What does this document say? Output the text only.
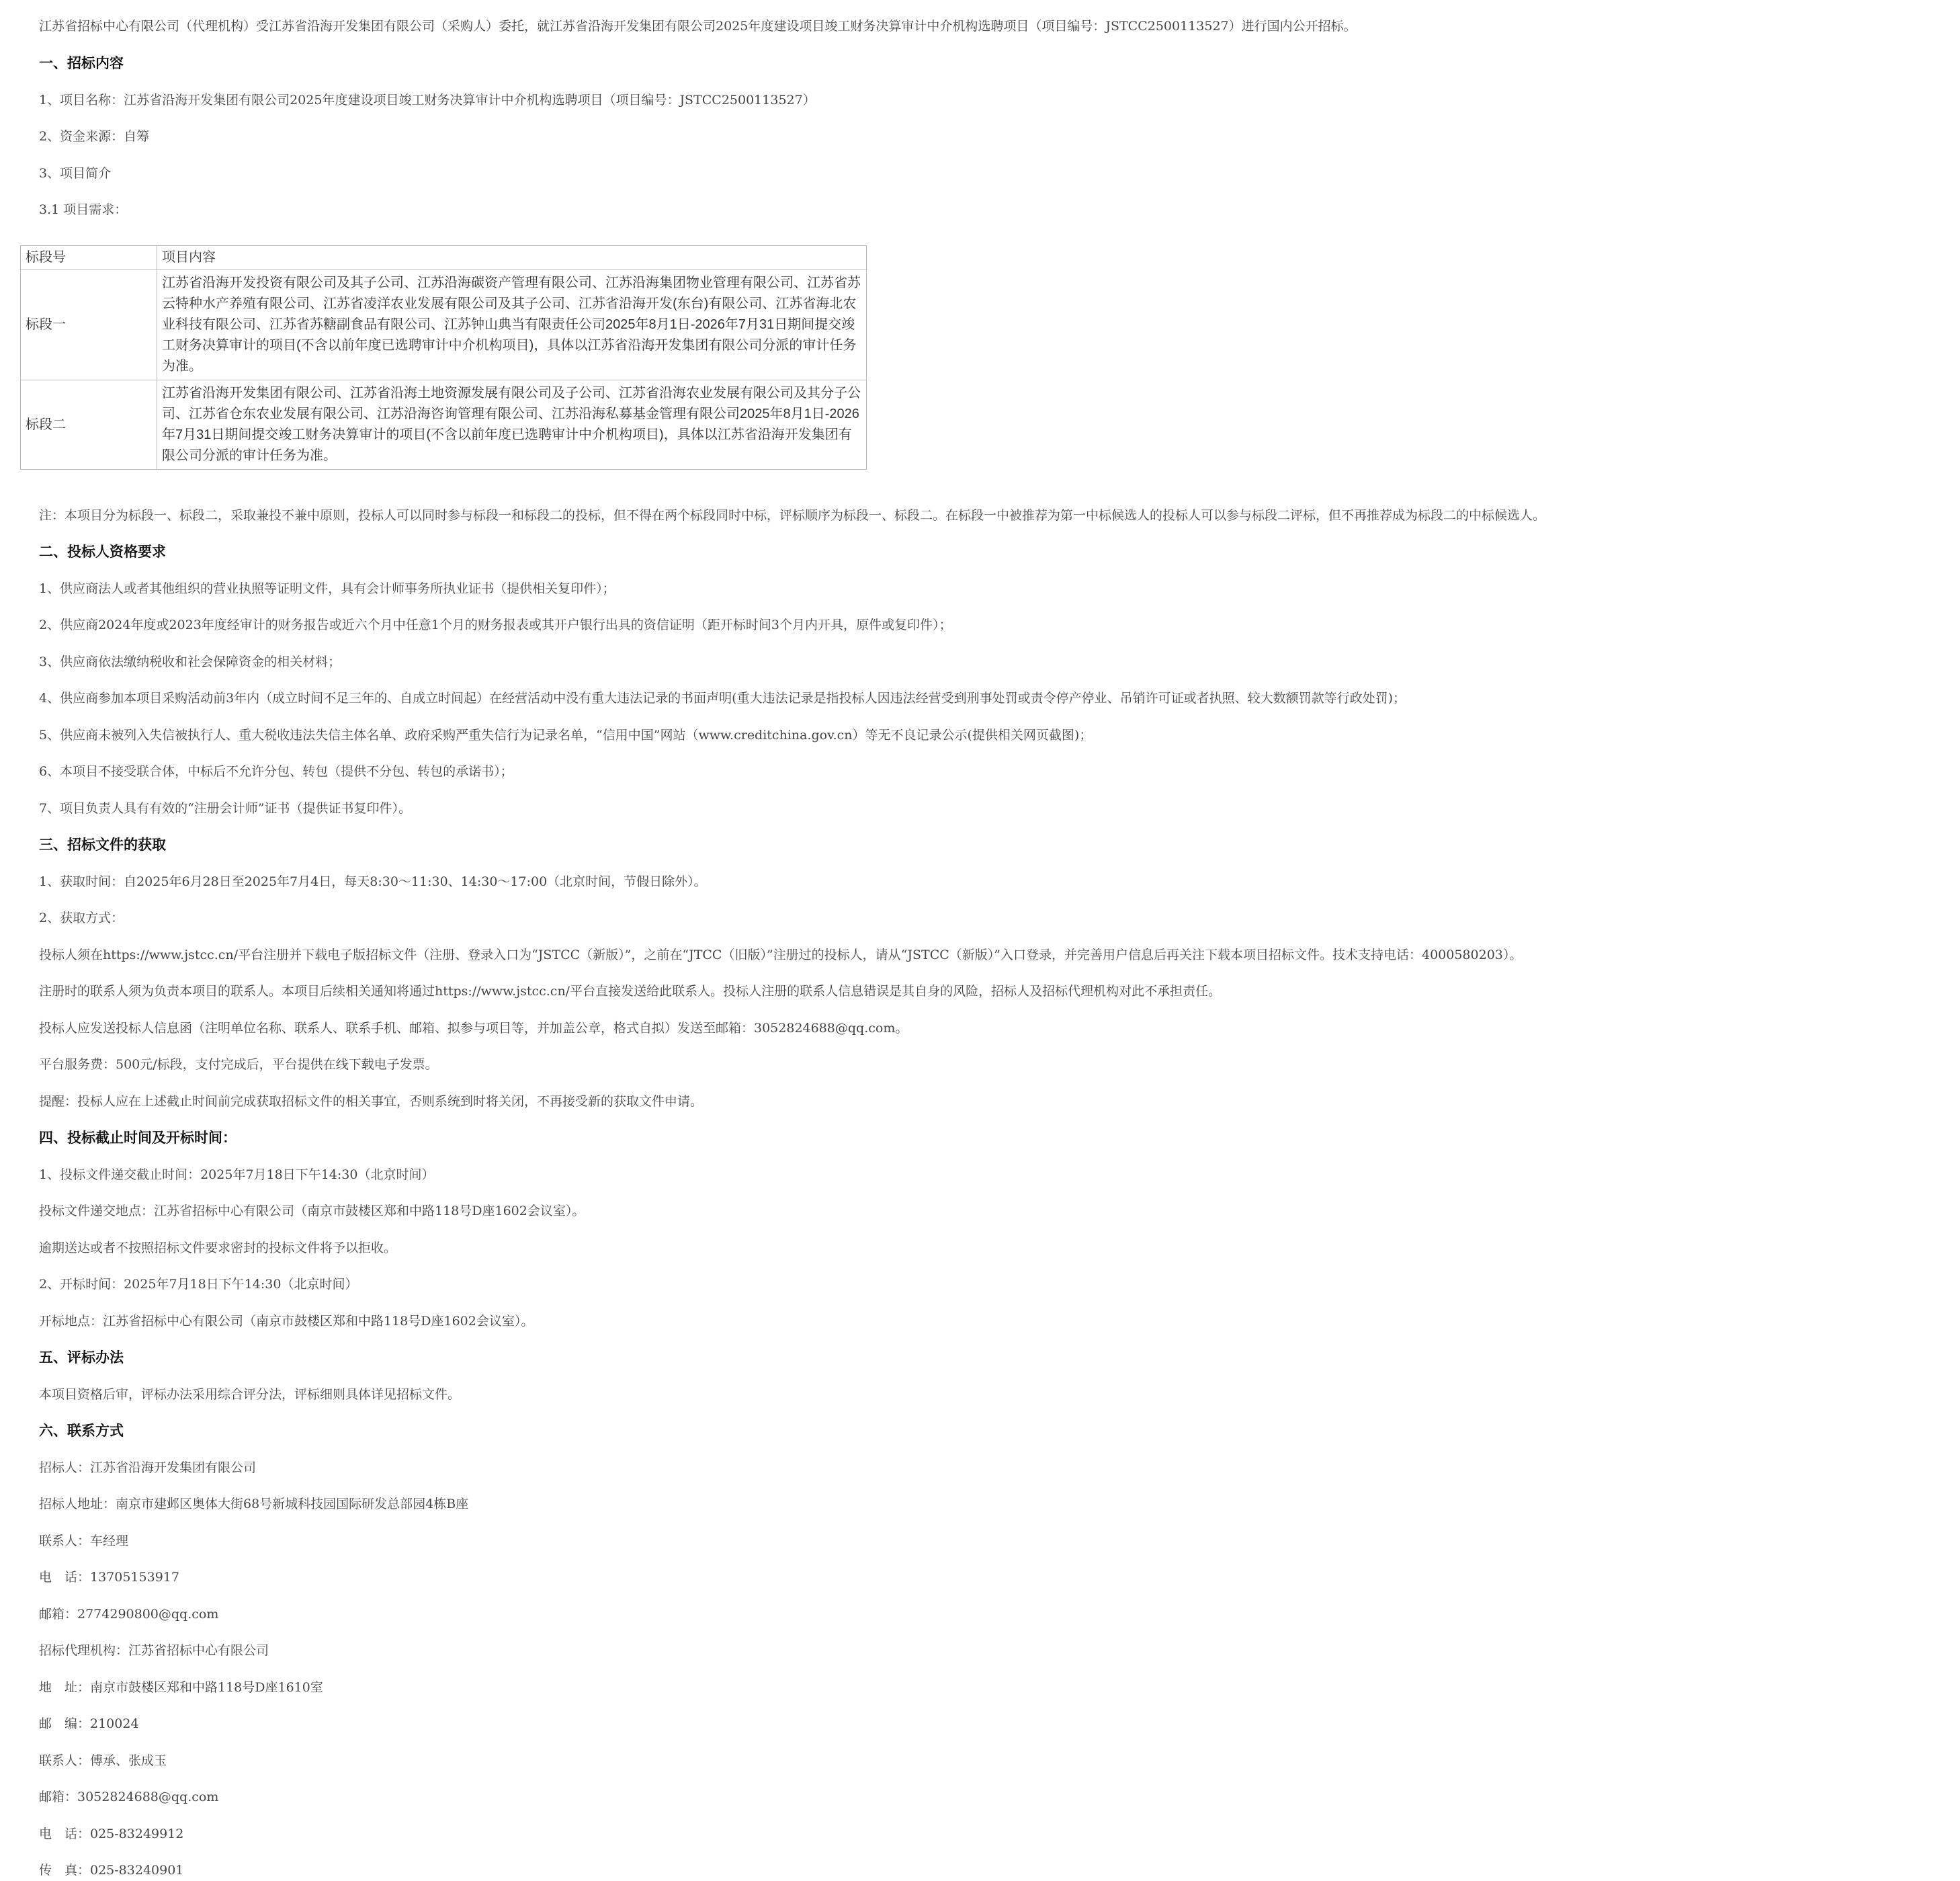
江苏省招标中心有限公司（代理机构）受江苏省沿海开发集团有限公司（采购人）委托，就江苏省沿海开发集团有限公司2025年度建设项目竣工财务决算审计中介机构选聘项目（项目编号：JSTCC2500113527）进行国内公开招标。
一、招标内容
1、项目名称：江苏省沿海开发集团有限公司2025年度建设项目竣工财务决算审计中介机构选聘项目（项目编号：JSTCC2500113527）
2、资金来源：自筹
3、项目简介
3.1 项目需求：
标段号	项目内容
标段一	江苏省沿海开发投资有限公司及其子公司、江苏沿海碳资产管理有限公司、江苏沿海集团物业管理有限公司、江苏省苏云特种水产养殖有限公司、江苏省凌洋农业发展有限公司及其子公司、江苏省沿海开发(东台)有限公司、江苏省海北农业科技有限公司、江苏省苏糖副食品有限公司、江苏钟山典当有限责任公司2025年8月1日-2026年7月31日期间提交竣工财务决算审计的项目(不含以前年度已选聘审计中介机构项目)，具体以江苏省沿海开发集团有限公司分派的审计任务为准。
标段二	江苏省沿海开发集团有限公司、江苏省沿海土地资源发展有限公司及子公司、江苏省沿海农业发展有限公司及其分子公司、江苏省仓东农业发展有限公司、江苏沿海咨询管理有限公司、江苏沿海私募基金管理有限公司2025年8月1日-2026年7月31日期间提交竣工财务决算审计的项目(不含以前年度已选聘审计中介机构项目)，具体以江苏省沿海开发集团有限公司分派的审计任务为准。
注：本项目分为标段一、标段二，采取兼投不兼中原则，投标人可以同时参与标段一和标段二的投标，但不得在两个标段同时中标，评标顺序为标段一、标段二。在标段一中被推荐为第一中标候选人的投标人可以参与标段二评标，但不再推荐成为标段二的中标候选人。
二、投标人资格要求
1、供应商法人或者其他组织的营业执照等证明文件，具有会计师事务所执业证书（提供相关复印件）；
2、供应商2024年度或2023年度经审计的财务报告或近六个月中任意1个月的财务报表或其开户银行出具的资信证明（距开标时间3个月内开具，原件或复印件）；
3、供应商依法缴纳税收和社会保障资金的相关材料；
4、供应商参加本项目采购活动前3年内（成立时间不足三年的、自成立时间起）在经营活动中没有重大违法记录的书面声明(重大违法记录是指投标人因违法经营受到刑事处罚或责令停产停业、吊销许可证或者执照、较大数额罚款等行政处罚)；
5、供应商未被列入失信被执行人、重大税收违法失信主体名单、政府采购严重失信行为记录名单，“信用中国”网站（www.creditchina.gov.cn）等无不良记录公示(提供相关网页截图)；
6、本项目不接受联合体，中标后不允许分包、转包（提供不分包、转包的承诺书）；
7、项目负责人具有有效的“注册会计师”证书（提供证书复印件）。
三、招标文件的获取
1、获取时间：自2025年6月28日至2025年7月4日，每天8:30～11:30、14:30～17:00（北京时间，节假日除外）。
2、获取方式：
投标人须在https://www.jstcc.cn/平台注册并下载电子版招标文件（注册、登录入口为“JSTCC（新版）”，之前在“JTCC（旧版）”注册过的投标人，请从“JSTCC（新版）”入口登录，并完善用户信息后再关注下载本项目招标文件。技术支持电话：4000580203）。
注册时的联系人须为负责本项目的联系人。本项目后续相关通知将通过https://www.jstcc.cn/平台直接发送给此联系人。投标人注册的联系人信息错误是其自身的风险，招标人及招标代理机构对此不承担责任。
投标人应发送投标人信息函（注明单位名称、联系人、联系手机、邮箱、拟参与项目等，并加盖公章，格式自拟）发送至邮箱：3052824688@qq.com。
平台服务费：500元/标段，支付完成后，平台提供在线下载电子发票。
提醒：投标人应在上述截止时间前完成获取招标文件的相关事宜，否则系统到时将关闭，不再接受新的获取文件申请。
四、投标截止时间及开标时间：
1、投标文件递交截止时间：2025年7月18日下午14:30（北京时间）
投标文件递交地点：江苏省招标中心有限公司（南京市鼓楼区郑和中路118号D座1602会议室）。
逾期送达或者不按照招标文件要求密封的投标文件将予以拒收。
2、开标时间：2025年7月18日下午14:30（北京时间）
开标地点：江苏省招标中心有限公司（南京市鼓楼区郑和中路118号D座1602会议室）。
五、评标办法
本项目资格后审，评标办法采用综合评分法，评标细则具体详见招标文件。
六、联系方式
招标人：江苏省沿海开发集团有限公司
招标人地址：南京市建邺区奥体大街68号新城科技园国际研发总部园4栋B座
联系人：车经理
电　话：13705153917
邮箱：2774290800@qq.com
招标代理机构：江苏省招标中心有限公司
地　址：南京市鼓楼区郑和中路118号D座1610室
邮　编：210024
联系人：傅承、张成玉
邮箱：3052824688@qq.com
电　话：025-83249912
传　真：025-83240901
